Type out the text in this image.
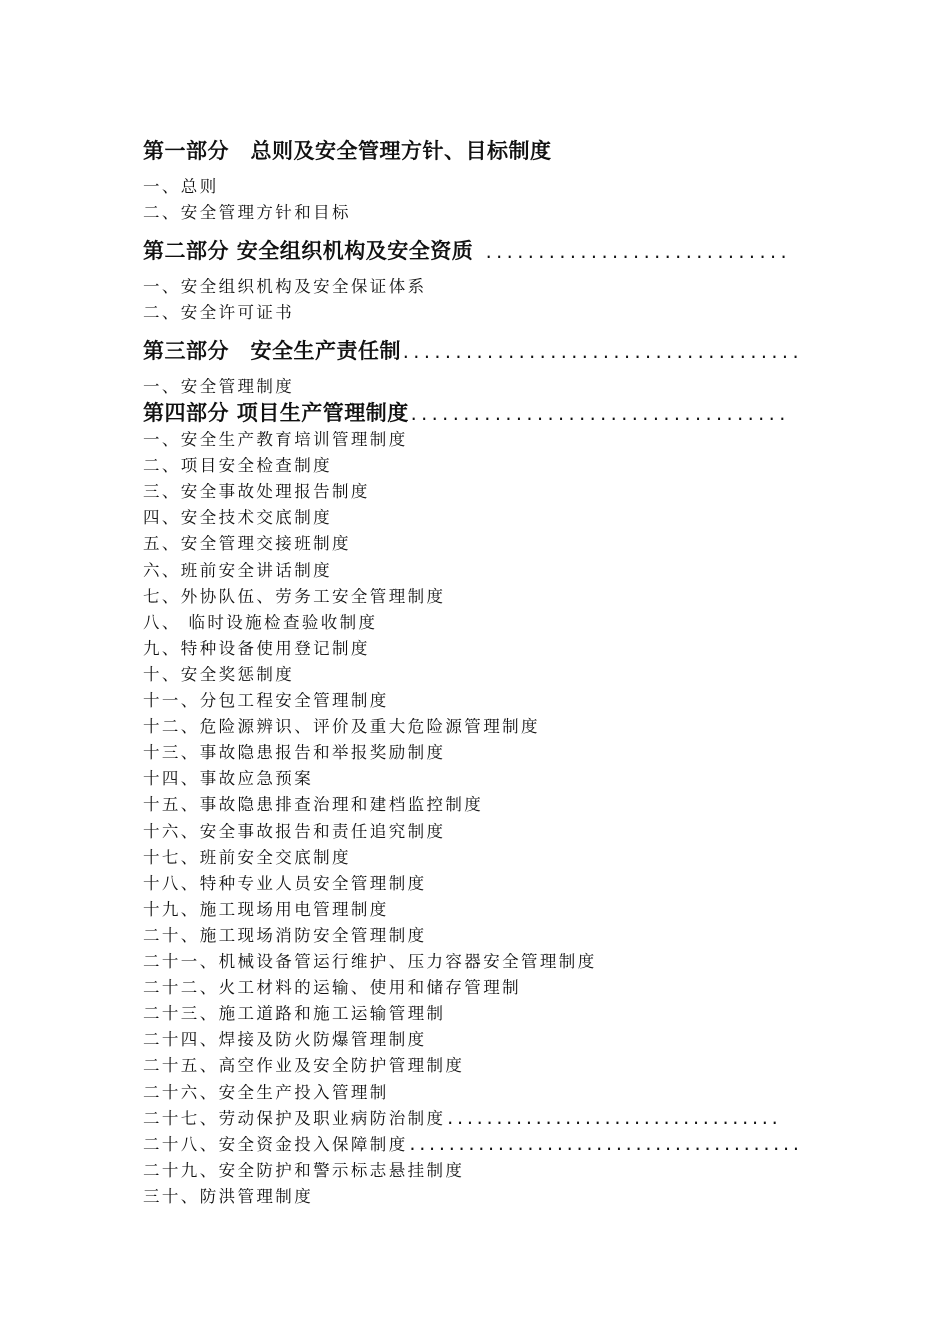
第一部分　总则及安全管理方针、目标制度
一、总则
二、安全管理方针和目标
第二部分 安全组织机构及安全资质 .............................
一、安全组织机构及安全保证体系
二、安全许可证书
第三部分　安全生产责任制......................................
一、安全管理制度
第四部分 项目生产管理制度....................................
一、安全生产教育培训管理制度
二、项目安全检查制度
三、安全事故处理报告制度
四、安全技术交底制度
五、安全管理交接班制度
六、班前安全讲话制度
七、外协队伍、劳务工安全管理制度
八、 临时设施检查验收制度
九、特种设备使用登记制度
十、安全奖惩制度
十一、分包工程安全管理制度
十二、危险源辨识、评价及重大危险源管理制度
十三、事故隐患报告和举报奖励制度
十四、事故应急预案
十五、事故隐患排查治理和建档监控制度
十六、安全事故报告和责任追究制度
十七、班前安全交底制度
十八、特种专业人员安全管理制度
十九、施工现场用电管理制度
二十、施工现场消防安全管理制度
二十一、机械设备管运行维护、压力容器安全管理制度
二十二、火工材料的运输、使用和储存管理制
二十三、施工道路和施工运输管理制
二十四、焊接及防火防爆管理制度
二十五、高空作业及安全防护管理制度
二十六、安全生产投入管理制
二十七、劳动保护及职业病防治制度..................................
二十八、安全资金投入保障制度........................................
二十九、安全防护和警示标志悬挂制度
三十、防洪管理制度
